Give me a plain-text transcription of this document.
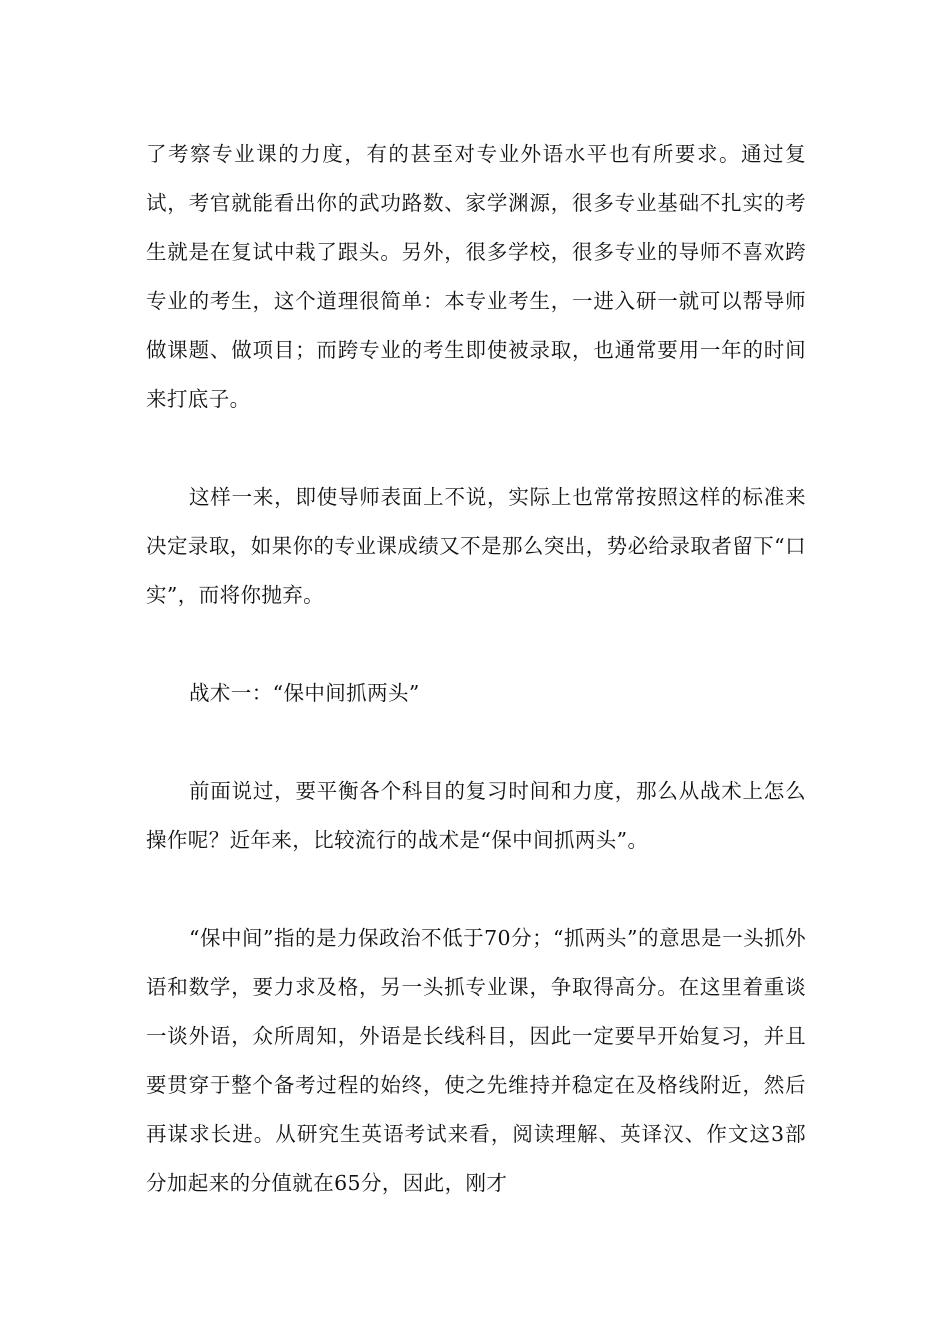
了考察专业课的力度，有的甚至对专业外语水平也有所要求。通过复试，考官就能看出你的武功路数、家学渊源，很多专业基础不扎实的考生就是在复试中栽了跟头。另外，很多学校，很多专业的导师不喜欢跨专业的考生，这个道理很简单：本专业考生，一进入研一就可以帮导师做课题、做项目；而跨专业的考生即使被录取，也通常要用一年的时间来打底子。

这样一来，即使导师表面上不说，实际上也常常按照这样的标准来决定录取，如果你的专业课成绩又不是那么突出，势必给录取者留下“口实”，而将你抛弃。

战术一：“保中间抓两头”

前面说过，要平衡各个科目的复习时间和力度，那么从战术上怎么操作呢？近年来，比较流行的战术是“保中间抓两头”。

“保中间”指的是力保政治不低于70分；“抓两头”的意思是一头抓外语和数学，要力求及格，另一头抓专业课，争取得高分。在这里着重谈一谈外语，众所周知，外语是长线科目，因此一定要早开始复习，并且要贯穿于整个备考过程的始终，使之先维持并稳定在及格线附近，然后再谋求长进。从研究生英语考试来看，阅读理解、英译汉、作文这3部分加起来的分值就在65分，因此，刚才
